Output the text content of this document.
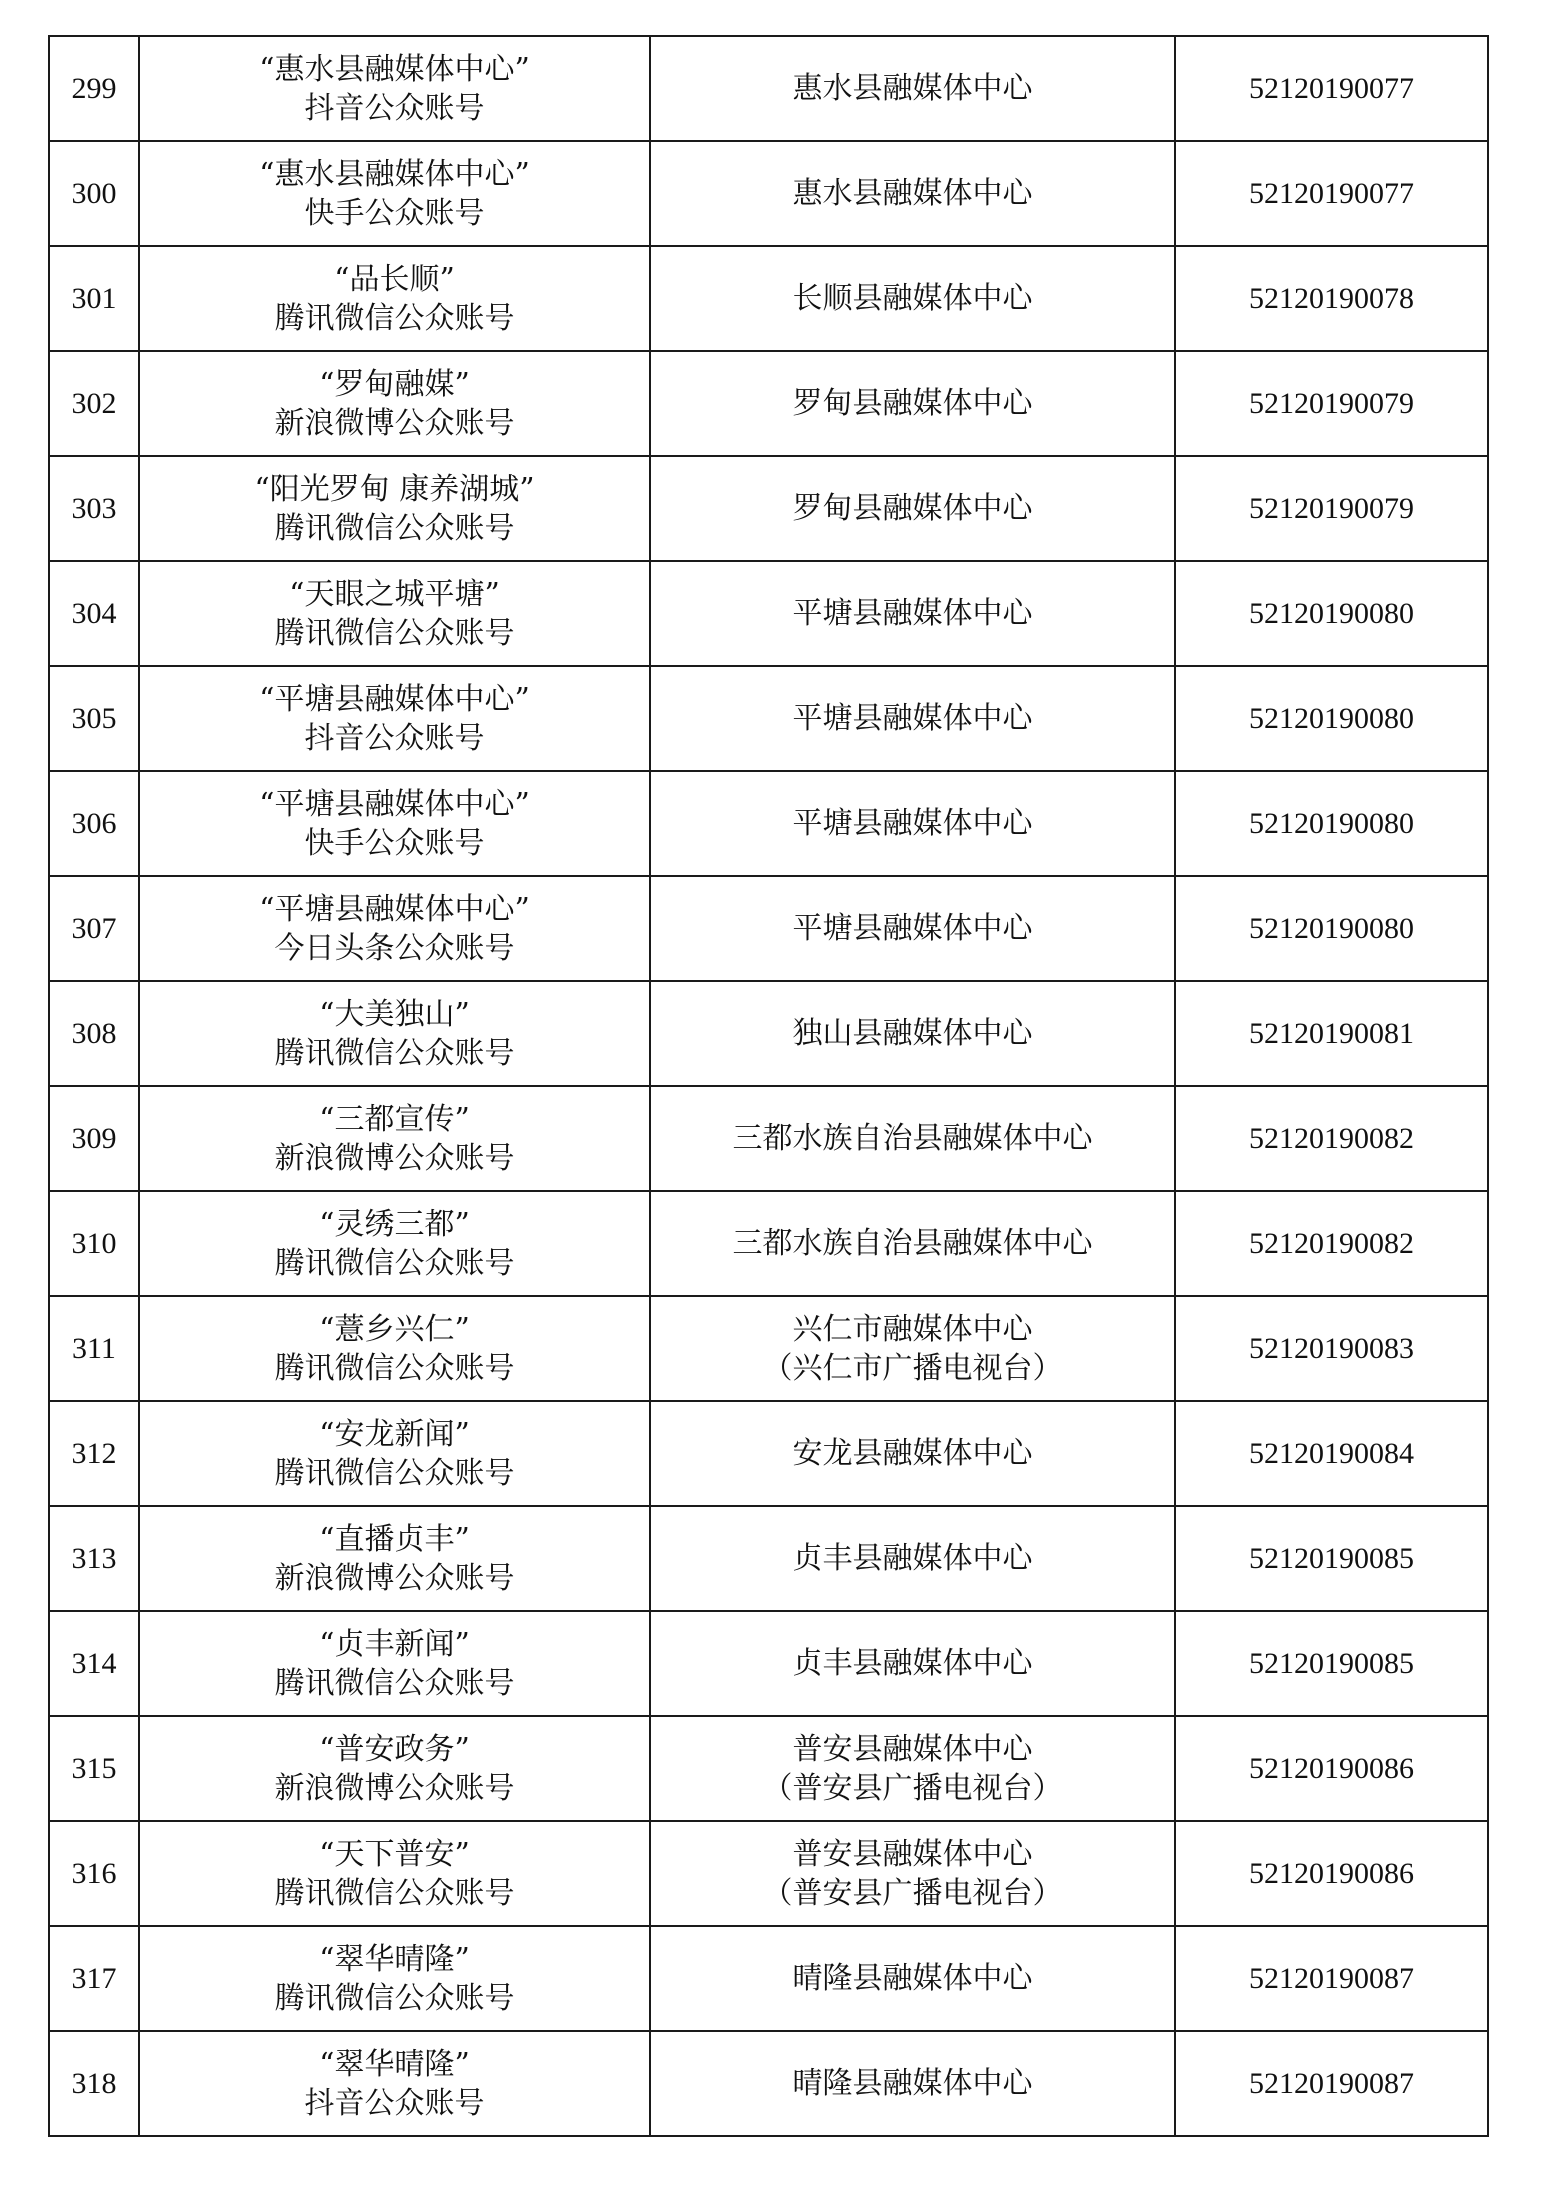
299	“惠水县融媒体中心”
抖音公众账号	惠水县融媒体中心	52120190077

300	“惠水县融媒体中心”
快手公众账号	惠水县融媒体中心	52120190077

301	“品长顺”
腾讯微信公众账号	长顺县融媒体中心	52120190078

302	“罗甸融媒”
新浪微博公众账号	罗甸县融媒体中心	52120190079

303	“阳光罗甸 康养湖城”
腾讯微信公众账号	罗甸县融媒体中心	52120190079

304	“天眼之城平塘”
腾讯微信公众账号	平塘县融媒体中心	52120190080

305	“平塘县融媒体中心”
抖音公众账号	平塘县融媒体中心	52120190080

306	“平塘县融媒体中心”
快手公众账号	平塘县融媒体中心	52120190080

307	“平塘县融媒体中心”
今日头条公众账号	平塘县融媒体中心	52120190080

308	“大美独山”
腾讯微信公众账号	独山县融媒体中心	52120190081

309	“三都宣传”
新浪微博公众账号	三都水族自治县融媒体中心	52120190082

310	“灵绣三都”
腾讯微信公众账号	三都水族自治县融媒体中心	52120190082

311	“薏乡兴仁”
腾讯微信公众账号	兴仁市融媒体中心
（兴仁市广播电视台）	52120190083

312	“安龙新闻”
腾讯微信公众账号	安龙县融媒体中心	52120190084

313	“直播贞丰”
新浪微博公众账号	贞丰县融媒体中心	52120190085

314	“贞丰新闻”
腾讯微信公众账号	贞丰县融媒体中心	52120190085

315	“普安政务”
新浪微博公众账号	普安县融媒体中心
（普安县广播电视台）	52120190086

316	“天下普安”
腾讯微信公众账号	普安县融媒体中心
（普安县广播电视台）	52120190086

317	“翠华晴隆”
腾讯微信公众账号	晴隆县融媒体中心	52120190087

318	“翠华晴隆”
抖音公众账号	晴隆县融媒体中心	52120190087
